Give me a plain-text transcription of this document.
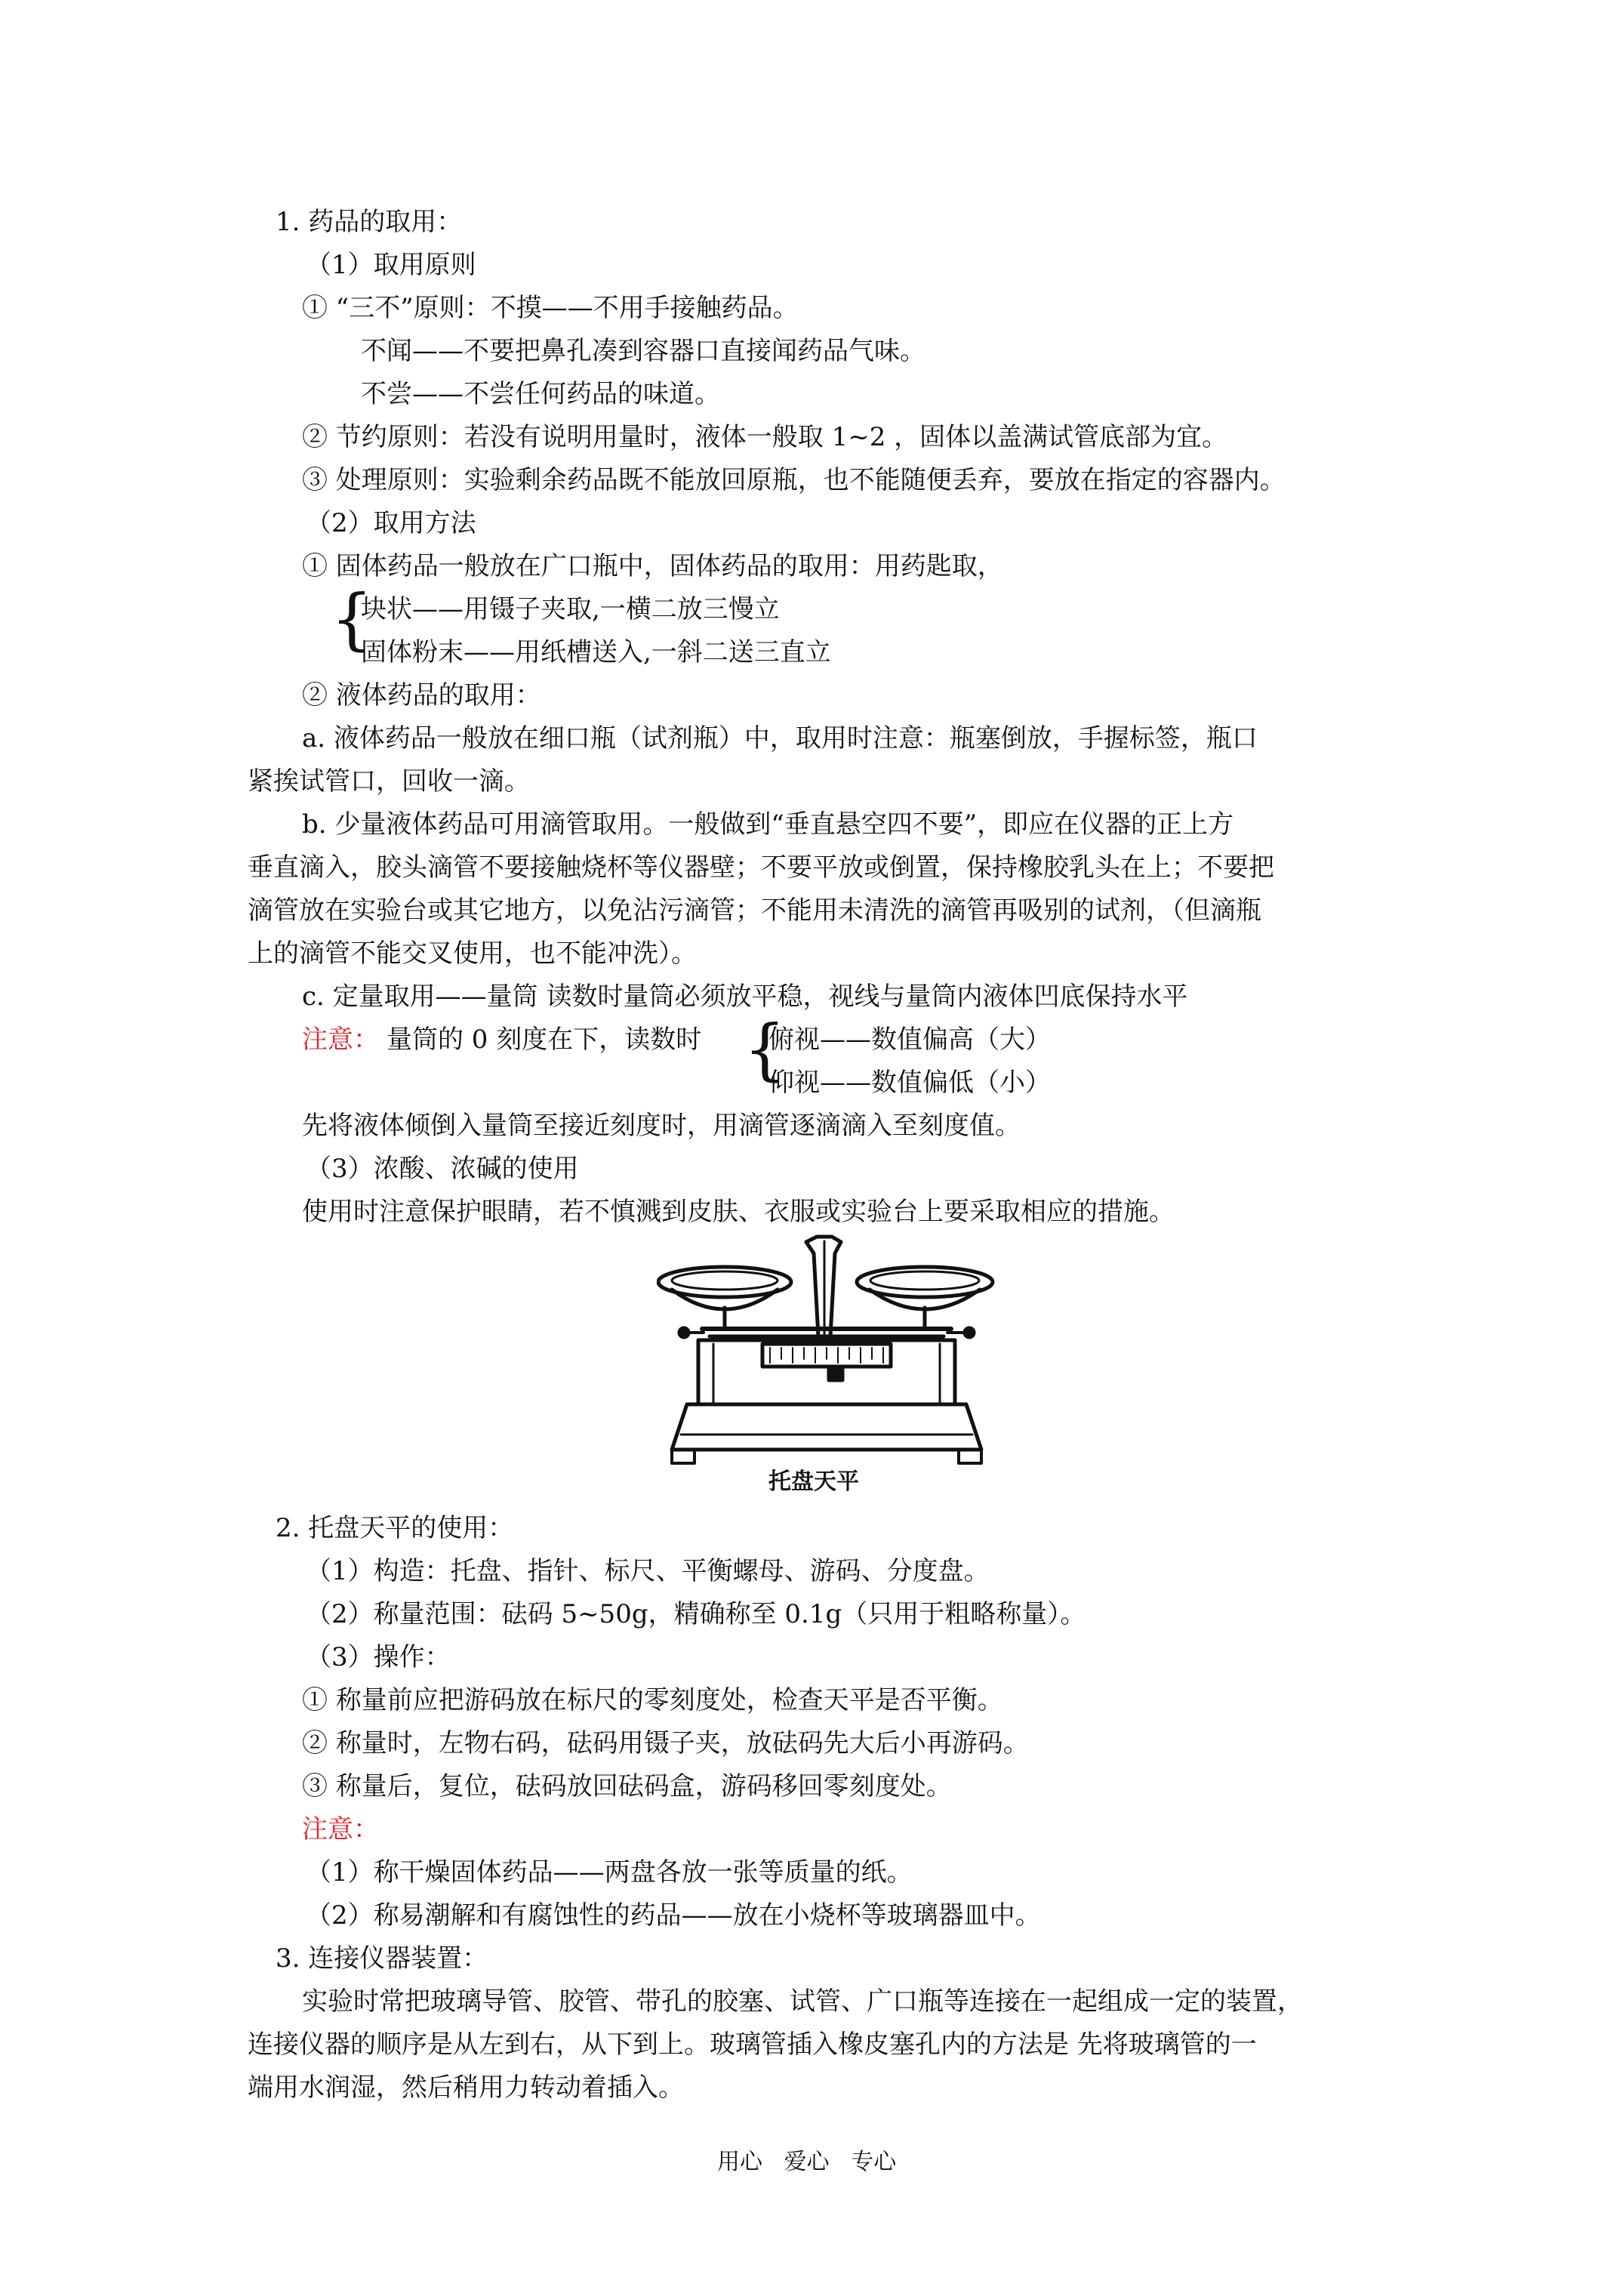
1. 药品的取用：
（1）取用原则
① “三不”原则：不摸——不用手接触药品。
不闻——不要把鼻孔凑到容器口直接闻药品气味。
不尝——不尝任何药品的味道。
② 节约原则：若没有说明用量时，液体一般取 1~2 ，固体以盖满试管底部为宜。
③ 处理原则：实验剩余药品既不能放回原瓶，也不能随便丢弃，要放在指定的容器内。
（2）取用方法
① 固体药品一般放在广口瓶中，固体药品的取用：用药匙取，
{
块状——用镊子夹取,一横二放三慢立
固体粉末——用纸槽送入,一斜二送三直立
② 液体药品的取用：
a. 液体药品一般放在细口瓶（试剂瓶）中，取用时注意：瓶塞倒放，手握标签，瓶口
紧挨试管口，回收一滴。
b. 少量液体药品可用滴管取用。一般做到“垂直悬空四不要”，即应在仪器的正上方
垂直滴入，胶头滴管不要接触烧杯等仪器壁；不要平放或倒置，保持橡胶乳头在上；不要把
滴管放在实验台或其它地方，以免沾污滴管；不能用未清洗的滴管再吸别的试剂，（但滴瓶
上的滴管不能交叉使用，也不能冲洗）。
c. 定量取用——量筒 读数时量筒必须放平稳，视线与量筒内液体凹底保持水平
注意： 量筒的 0 刻度在下，读数时 {
俯视——数值偏高（大）
仰视——数值偏低（小）
先将液体倾倒入量筒至接近刻度时，用滴管逐滴滴入至刻度值。
（3）浓酸、浓碱的使用
使用时注意保护眼睛，若不慎溅到皮肤、衣服或实验台上要采取相应的措施。
托盘天平
2. 托盘天平的使用：
（1）构造：托盘、指针、标尺、平衡螺母、游码、分度盘。
（2）称量范围：砝码 5~50g，精确称至 0.1g（只用于粗略称量）。
（3）操作：
① 称量前应把游码放在标尺的零刻度处，检查天平是否平衡。
② 称量时，左物右码，砝码用镊子夹，放砝码先大后小再游码。
③ 称量后，复位，砝码放回砝码盒，游码移回零刻度处。
注意：
（1）称干燥固体药品——两盘各放一张等质量的纸。
（2）称易潮解和有腐蚀性的药品——放在小烧杯等玻璃器皿中。
3. 连接仪器装置：
实验时常把玻璃导管、胶管、带孔的胶塞、试管、广口瓶等连接在一起组成一定的装置，
连接仪器的顺序是从左到右，从下到上。玻璃管插入橡皮塞孔内的方法是 先将玻璃管的一
端用水润湿，然后稍用力转动着插入。
用心   爱心   专心
